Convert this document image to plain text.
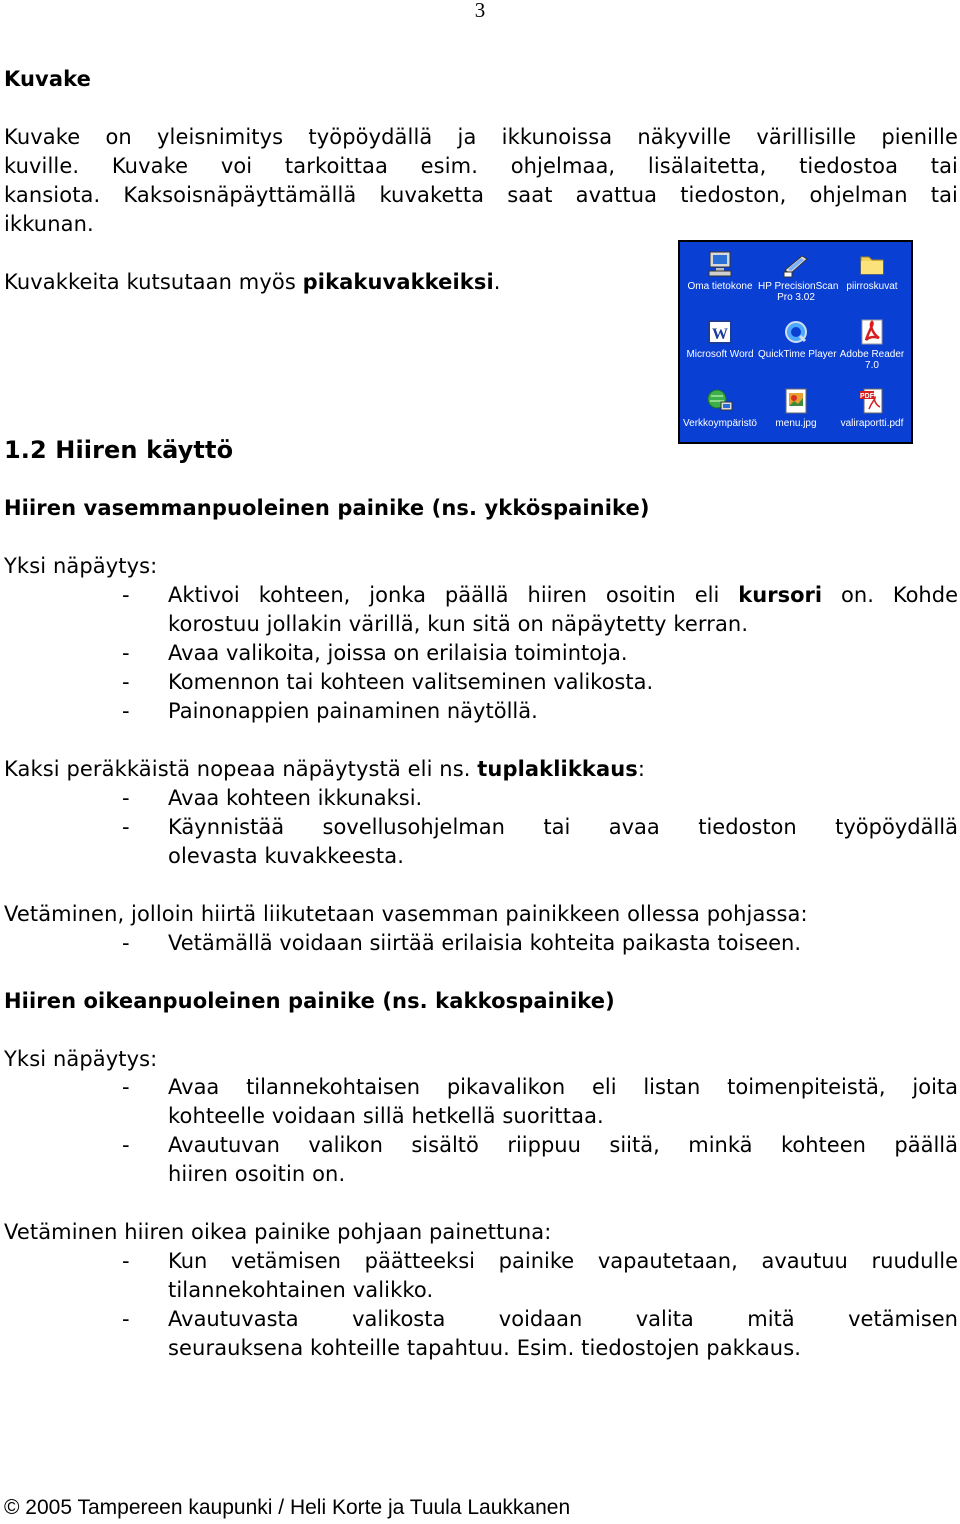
3
Kuvake
Kuvake on yleisnimitys työpöydällä ja ikkunoissa näkyville värillisille pienille
kuville. Kuvake voi tarkoittaa esim. ohjelmaa, lisälaitetta, tiedostoa tai
kansiota. Kaksoisnäpäyttämällä kuvaketta saat avattua tiedoston, ohjelman tai
ikkunan.
Kuvakkeita kutsutaan myös pikakuvakkeiksi.
1.2 Hiiren käyttö
Hiiren vasemmanpuoleinen painike (ns. ykköspainike)
Yksi näpäytys:
- Aktivoi kohteen, jonka päällä hiiren osoitin eli kursori on. Kohde
korostuu jollakin värillä, kun sitä on näpäytetty kerran.
- Avaa valikoita, joissa on erilaisia toimintoja.
- Komennon tai kohteen valitseminen valikosta.
- Painonappien painaminen näytöllä.
Kaksi peräkkäistä nopeaa näpäytystä eli ns. tuplaklikkaus:
- Avaa kohteen ikkunaksi.
- Käynnistää sovellusohjelman tai avaa tiedoston työpöydällä
olevasta kuvakkeesta.
Vetäminen, jolloin hiirtä liikutetaan vasemman painikkeen ollessa pohjassa:
- Vetämällä voidaan siirtää erilaisia kohteita paikasta toiseen.
Hiiren oikeanpuoleinen painike (ns. kakkospainike)
Yksi näpäytys:
- Avaa tilannekohtaisen pikavalikon eli listan toimenpiteistä, joita
kohteelle voidaan sillä hetkellä suorittaa.
- Avautuvan valikon sisältö riippuu siitä, minkä kohteen päällä
hiiren osoitin on.
Vetäminen hiiren oikea painike pohjaan painettuna:
- Kun vetämisen päätteeksi painike vapautetaan, avautuu ruudulle
tilannekohtainen valikko.
- Avautuvasta valikosta voidaan valita mitä vetämisen
seurauksena kohteille tapahtuu. Esim. tiedostojen pakkaus.
Oma tietokone HP PrecisionScan
Pro 3.02
piirroskuvat
W
Microsoft Word QuickTime Player Adobe Reader
7.0
Verkkoympäristö	menu.jpg
PDF
valiraportti.pdf
© 2005 Tampereen kaupunki / Heli Korte ja Tuula Laukkanen
